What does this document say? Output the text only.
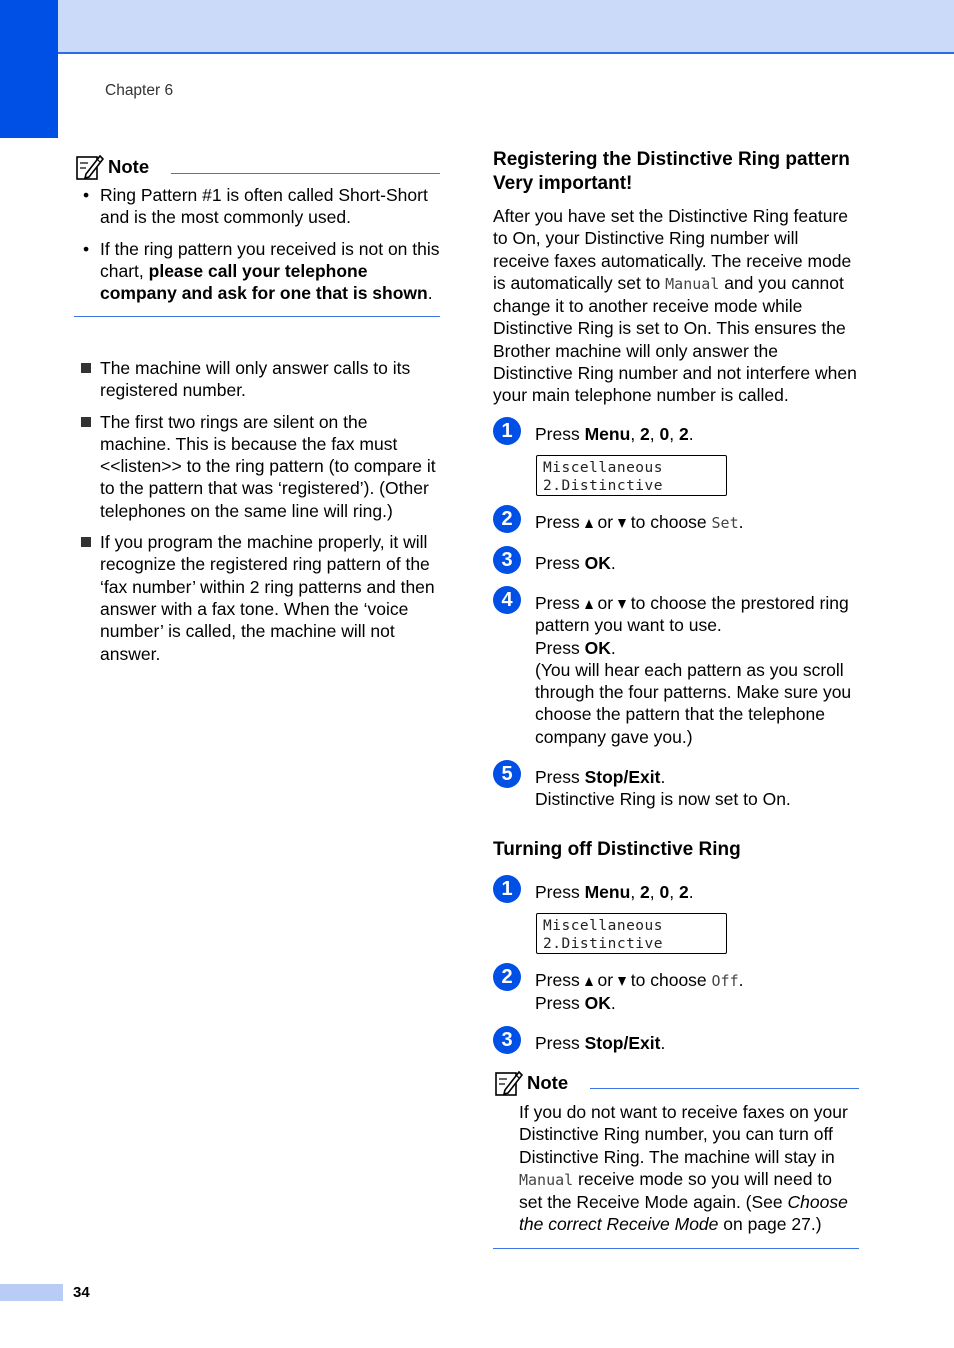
Chapter 6
34
Note
• Ring Pattern #1 is often called Short-Short and is the most commonly used.

• If the ring pattern you received is not on this chart, please call your telephone company and ask for one that is shown.

The machine will only answer calls to its registered number.

The first two rings are silent on the machine. This is because the fax must <<listen>> to the ring pattern (to compare it to the pattern that was ‘registered’). (Other telephones on the same line will ring.)

If you program the machine properly, it will recognize the registered ring pattern of the ‘fax number’ within 2 ring patterns and then answer with a fax tone. When the ‘voice number’ is called, the machine will not answer.

Registering the Distinctive Ring pattern Very important!

After you have set the Distinctive Ring feature to On, your Distinctive Ring number will receive faxes automatically. The receive mode is automatically set to Manual and you cannot change it to another receive mode while Distinctive Ring is set to On. This ensures the Brother machine will only answer the Distinctive Ring number and not interfere when your main telephone number is called.

1	Press Menu, 2, 0, 2.

Miscellaneous
2.Distinctive
2	Press  or  to choose Set.

3	Press OK.

4	Press  or  to choose the prestored ring pattern you want to use.

Press OK.

(You will hear each pattern as you scroll through the four patterns. Make sure you choose the pattern that the telephone company gave you.)

5	Press Stop/Exit.

Distinctive Ring is now set to On.

Turning off Distinctive Ring
1	Press Menu, 2, 0, 2.

Miscellaneous
2.Distinctive
2	Press  or  to choose Off.

Press OK.

3	Press Stop/Exit.

Note

If you do not want to receive faxes on your Distinctive Ring number, you can turn off Distinctive Ring. The machine will stay in Manual receive mode so you will need to set the Receive Mode again. (See Choose the correct Receive Mode on page 27.)
